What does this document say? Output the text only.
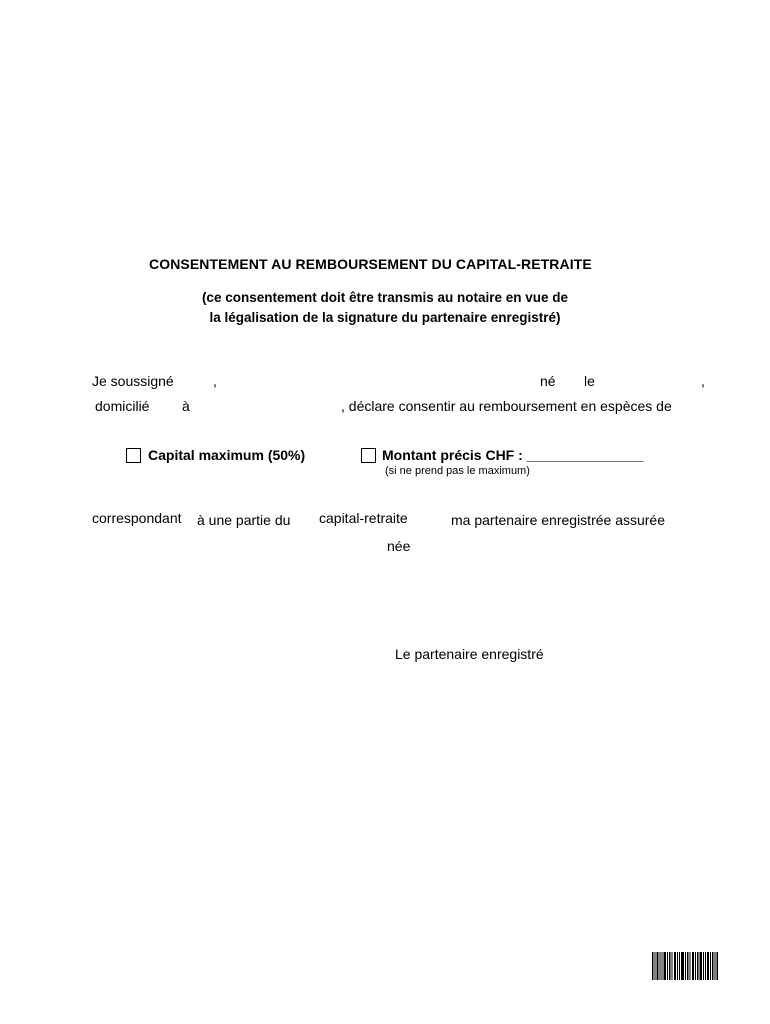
CONSENTEMENT AU REMBOURSEMENT DU CAPITAL-RETRAITE
(ce consentement doit être transmis au notaire en vue de
la légalisation de la signature du partenaire enregistré)
Je soussigné	,	né le	,
domicilié à	, déclare consentir au remboursement en espèces de
Capital maximum (50%)	Montant précis CHF : _______________
(si ne prend pas le maximum)
correspondant à une partie du capital-retraite	ma partenaire enregistrée assurée
née
Le partenaire enregistré
